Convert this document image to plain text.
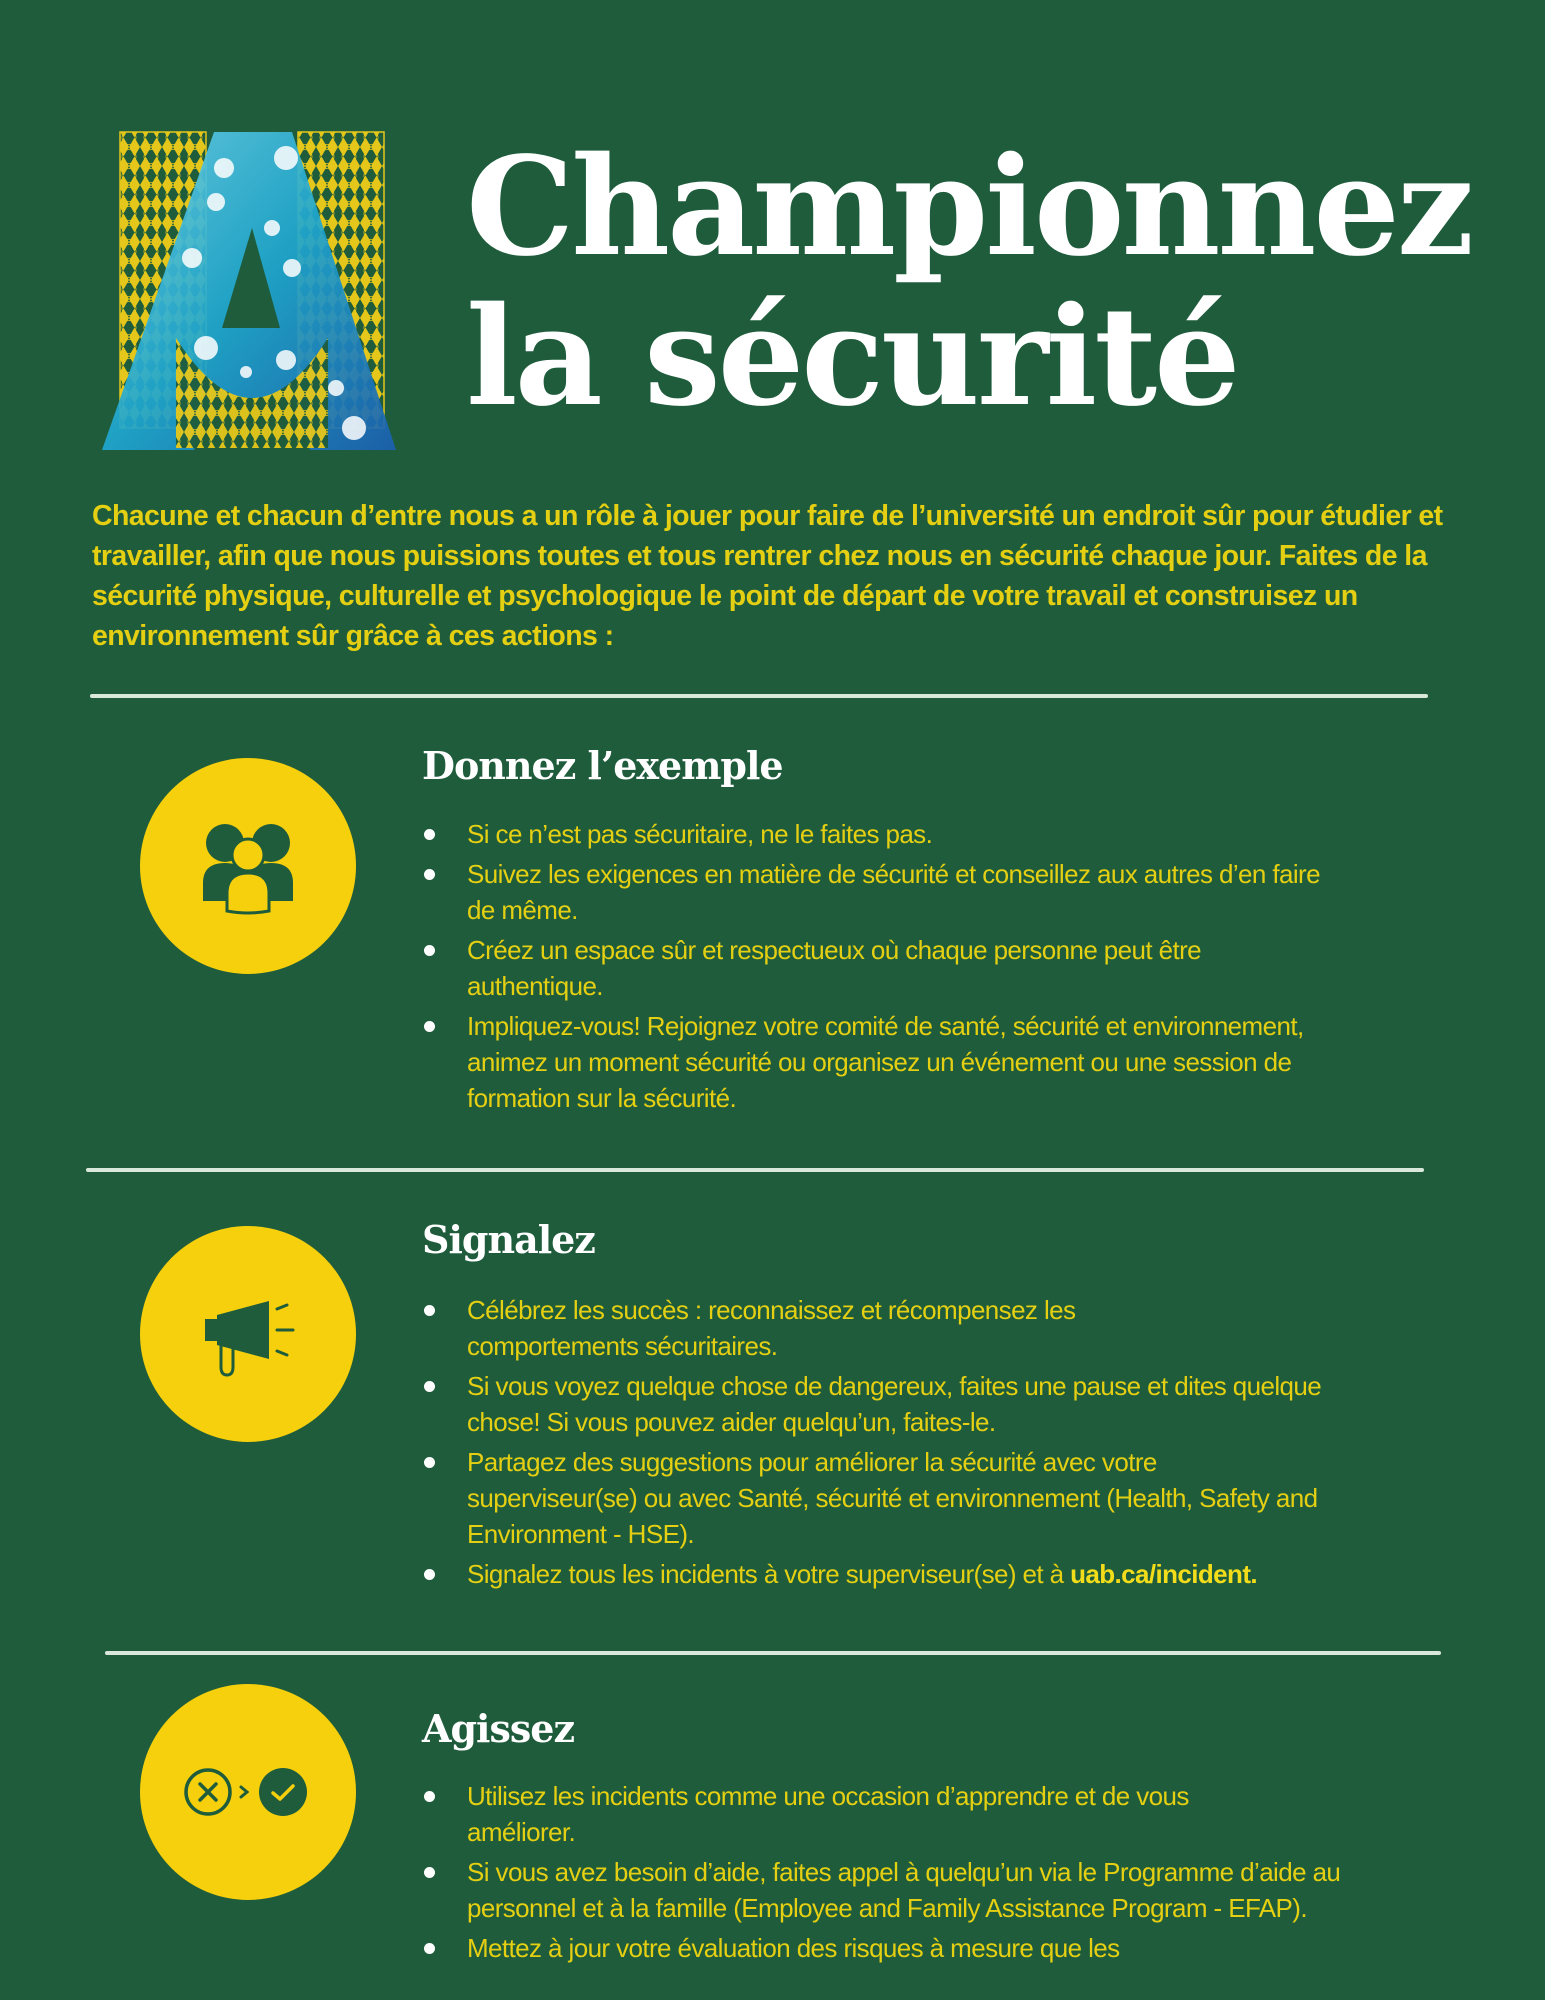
Championnez
la sécurité

Chacune et chacun d’entre nous a un rôle à jouer pour faire de l’université un endroit sûr pour étudier et travailler, afin que nous puissions toutes et tous rentrer chez nous en sécurité chaque jour. Faites de la sécurité physique, culturelle et psychologique le point de départ de votre travail et construisez un environnement sûr grâce à ces actions :

Donnez l’exemple
Si ce n’est pas sécuritaire, ne le faites pas.
Suivez les exigences en matière de sécurité et conseillez aux autres d’en faire de même.
Créez un espace sûr et respectueux où chaque personne peut être authentique.
Impliquez-vous! Rejoignez votre comité de santé, sécurité et environnement, animez un moment sécurité ou organisez un événement ou une session de formation sur la sécurité.
Signalez
Célébrez les succès : reconnaissez et récompensez les comportements sécuritaires.
Si vous voyez quelque chose de dangereux, faites une pause et dites quelque chose! Si vous pouvez aider quelqu’un, faites-le.
Partagez des suggestions pour améliorer la sécurité avec votre superviseur(se) ou avec Santé, sécurité et environnement (Health, Safety and Environment - HSE).
Signalez tous les incidents à votre superviseur(se) et à uab.ca/incident.
Agissez
Utilisez les incidents comme une occasion d’apprendre et de vous améliorer.
Si vous avez besoin d’aide, faites appel à quelqu’un via le Programme d’aide au personnel et à la famille (Employee and Family Assistance Program - EFAP).
Mettez à jour votre évaluation des risques à mesure que les
